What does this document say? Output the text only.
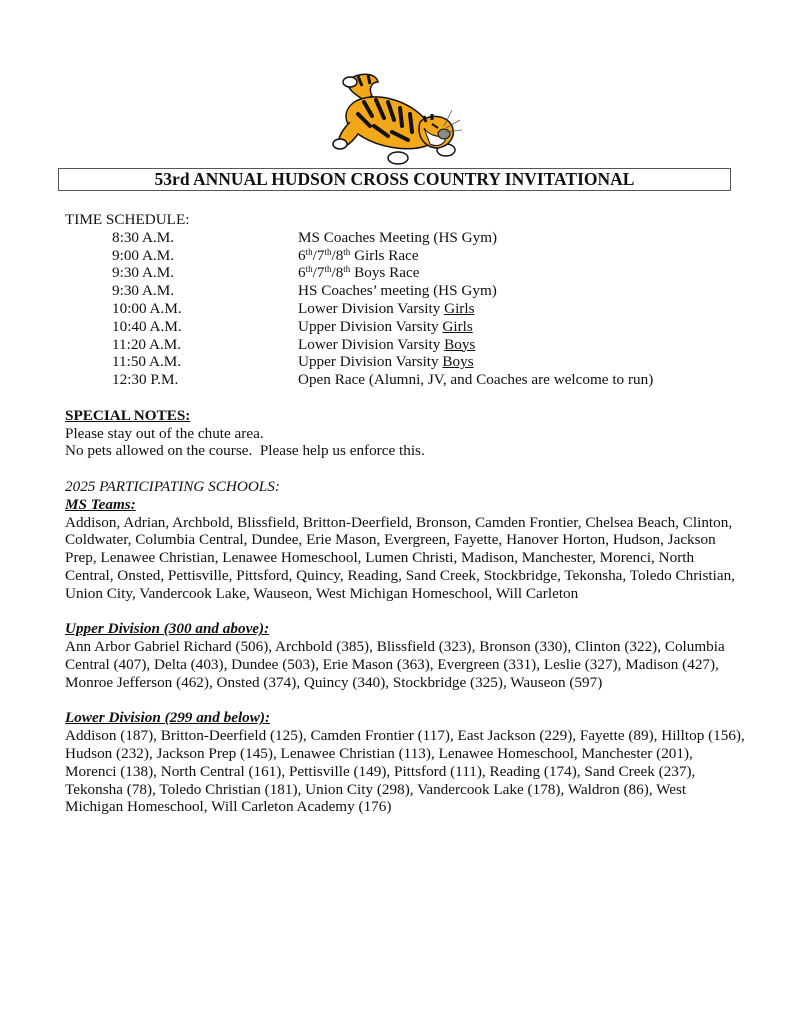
53rd ANNUAL HUDSON CROSS COUNTRY INVITATIONAL

TIME SCHEDULE:

8:30 A.M.	MS Coaches Meeting (HS Gym)
9:00 A.M.	6th/7th/8th Girls Race
9:30 A.M.	6th/7th/8th Boys Race
9:30 A.M.	HS Coaches’ meeting (HS Gym)
10:00 A.M.	Lower Division Varsity Girls
10:40 A.M.	Upper Division Varsity Girls
11:20 A.M.	Lower Division Varsity Boys
11:50 A.M.	Upper Division Varsity Boys
12:30 P.M.	Open Race (Alumni, JV, and Coaches are welcome to run)

SPECIAL NOTES:

Please stay out of the chute area.

No pets allowed on the course.  Please help us enforce this.

2025 PARTICIPATING SCHOOLS:

MS Teams:

Addison, Adrian, Archbold, Blissfield, Britton-Deerfield, Bronson, Camden Frontier, Chelsea Beach, Clinton, Coldwater, Columbia Central, Dundee, Erie Mason, Evergreen, Fayette, Hanover Horton, Hudson, Jackson Prep, Lenawee Christian, Lenawee Homeschool, Lumen Christi, Madison, Manchester, Morenci, North Central, Onsted, Pettisville, Pittsford, Quincy, Reading, Sand Creek, Stockbridge, Tekonsha, Toledo Christian, Union City, Vandercook Lake, Wauseon, West Michigan Homeschool, Will Carleton

Upper Division (300 and above):

Ann Arbor Gabriel Richard (506), Archbold (385), Blissfield (323), Bronson (330), Clinton (322), Columbia Central (407), Delta (403), Dundee (503), Erie Mason (363), Evergreen (331), Leslie (327), Madison (427), Monroe Jefferson (462), Onsted (374), Quincy (340), Stockbridge (325), Wauseon (597)

Lower Division (299 and below):

Addison (187), Britton-Deerfield (125), Camden Frontier (117), East Jackson (229), Fayette (89), Hilltop (156), Hudson (232), Jackson Prep (145), Lenawee Christian (113), Lenawee Homeschool, Manchester (201), Morenci (138), North Central (161), Pettisville (149), Pittsford (111), Reading (174), Sand Creek (237), Tekonsha (78), Toledo Christian (181), Union City (298), Vandercook Lake (178), Waldron (86), West Michigan Homeschool, Will Carleton Academy (176)
